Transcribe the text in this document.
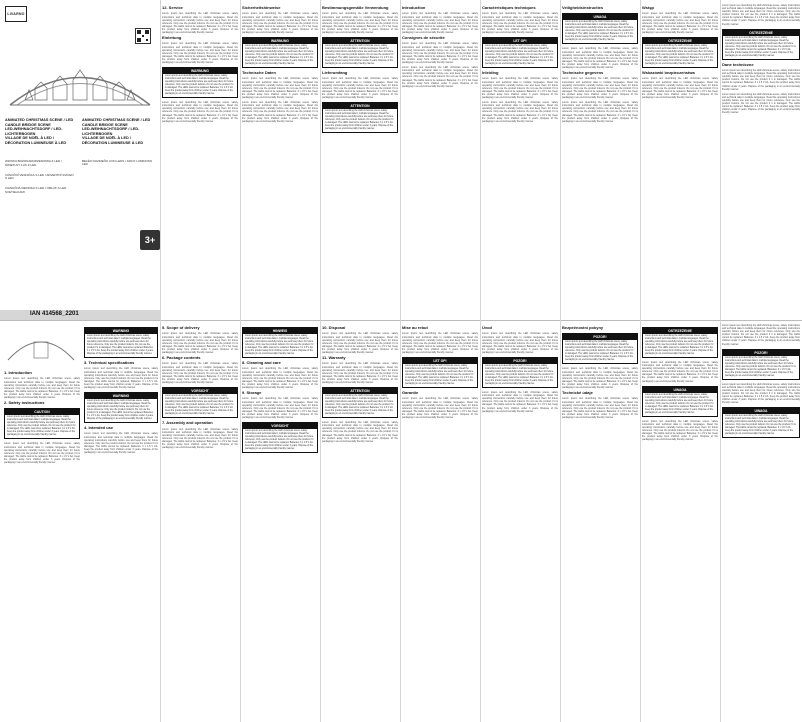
LIVARNO
ANIMATED CHRISTMAS SCENE / LED CANDLE BRIDGE SCENE
LED-WEIHNACHTSDORF / LED-LICHTERBOGEN
VILLAGE DE NOËL À LED / DÉCORATION LUMINEUSE À LED
WIOSKA BOŻONARODZENIOWA Z LED / ŚWIETLNY ŁUK Z LED
VÁNOČNÍ VESNIČKA S LED / ADVENTNÍ SVÍCEN S LED
VIANOČNÁ DEDINKA S LED / OBLÚK S LED SVETIELKAMI
ANIMATED CHRISTMAS SCENE / LED CANDLE BRIDGE SCENE
LED-WEIHNACHTSDORF / LED-LICHTERBOGEN
VILLAGE DE NOËL À LED / DÉCORATION LUMINEUSE À LED
BELÉN NAVIDEÑO CON LEDS / ARCO LUMINOSO LED
3+
IAN 414568_2201
12. Service

Lorem ipsum text describing the LED christmas scene, safety instructions and technical data in multiple languages. Read the operating instructions carefully before use and keep them for future reference. Only use the product indoors. Do not use the product if it is damaged. The LEDs cannot be replaced. Batteries: 3 x 1.5 V AA. Keep the product away from children under 3 years. Dispose of the packaging in an environmentally friendly manner.

Einleitung

Lorem ipsum text describing the LED christmas scene, safety instructions and technical data in multiple languages. Read the operating instructions carefully before use and keep them for future reference. Only use the product indoors. Do not use the product if it is damaged. The LEDs cannot be replaced. Batteries: 3 x 1.5 V AA. Keep the product away from children under 3 years. Dispose of the packaging in an environmentally friendly manner.

WARNUNG
Lorem ipsum text describing the LED christmas scene, safety instructions and technical data in multiple languages. Read the operating instructions carefully before use and keep them for future reference. Only use the product indoors. Do not use the product if it is damaged. The LEDs cannot be replaced. Batteries: 3 x 1.5 V AA. Keep the product away from children under 3 years. Dispose of the packaging in an environmentally friendly manner.

Lorem ipsum text describing the LED christmas scene, safety instructions and technical data in multiple languages. Read the operating instructions carefully before use and keep them for future reference. Only use the product indoors. Do not use the product if it is damaged. The LEDs cannot be replaced. Batteries: 3 x 1.5 V AA. Keep the product away from children under 3 years. Dispose of the packaging in an environmentally friendly manner.

Sicherheitshinweise

Lorem ipsum text describing the LED christmas scene, safety instructions and technical data in multiple languages. Read the operating instructions carefully before use and keep them for future reference. Only use the product indoors. Do not use the product if it is damaged. The LEDs cannot be replaced. Batteries: 3 x 1.5 V AA. Keep the product away from children under 3 years. Dispose of the packaging in an environmentally friendly manner.

WARNUNG
Lorem ipsum text describing the LED christmas scene, safety instructions and technical data in multiple languages. Read the operating instructions carefully before use and keep them for future reference. Only use the product indoors. Do not use the product if it is damaged. The LEDs cannot be replaced. Batteries: 3 x 1.5 V AA. Keep the product away from children under 3 years. Dispose of the packaging in an environmentally friendly manner.
Technische Daten

Lorem ipsum text describing the LED christmas scene, safety instructions and technical data in multiple languages. Read the operating instructions carefully before use and keep them for future reference. Only use the product indoors. Do not use the product if it is damaged. The LEDs cannot be replaced. Batteries: 3 x 1.5 V AA. Keep the product away from children under 3 years. Dispose of the packaging in an environmentally friendly manner.

Lorem ipsum text describing the LED christmas scene, safety instructions and technical data in multiple languages. Read the operating instructions carefully before use and keep them for future reference. Only use the product indoors. Do not use the product if it is damaged. The LEDs cannot be replaced. Batteries: 3 x 1.5 V AA. Keep the product away from children under 3 years. Dispose of the packaging in an environmentally friendly manner.

Bestimmungsgemäße Verwendung

Lorem ipsum text describing the LED christmas scene, safety instructions and technical data in multiple languages. Read the operating instructions carefully before use and keep them for future reference. Only use the product indoors. Do not use the product if it is damaged. The LEDs cannot be replaced. Batteries: 3 x 1.5 V AA. Keep the product away from children under 3 years. Dispose of the packaging in an environmentally friendly manner.

ATTENTION
Lorem ipsum text describing the LED christmas scene, safety instructions and technical data in multiple languages. Read the operating instructions carefully before use and keep them for future reference. Only use the product indoors. Do not use the product if it is damaged. The LEDs cannot be replaced. Batteries: 3 x 1.5 V AA. Keep the product away from children under 3 years. Dispose of the packaging in an environmentally friendly manner.
Lieferumfang

Lorem ipsum text describing the LED christmas scene, safety instructions and technical data in multiple languages. Read the operating instructions carefully before use and keep them for future reference. Only use the product indoors. Do not use the product if it is damaged. The LEDs cannot be replaced. Batteries: 3 x 1.5 V AA. Keep the product away from children under 3 years. Dispose of the packaging in an environmentally friendly manner.

ATTENTION
Lorem ipsum text describing the LED christmas scene, safety instructions and technical data in multiple languages. Read the operating instructions carefully before use and keep them for future reference. Only use the product indoors. Do not use the product if it is damaged. The LEDs cannot be replaced. Batteries: 3 x 1.5 V AA. Keep the product away from children under 3 years. Dispose of the packaging in an environmentally friendly manner.
Introduction

Lorem ipsum text describing the LED christmas scene, safety instructions and technical data in multiple languages. Read the operating instructions carefully before use and keep them for future reference. Only use the product indoors. Do not use the product if it is damaged. The LEDs cannot be replaced. Batteries: 3 x 1.5 V AA. Keep the product away from children under 3 years. Dispose of the packaging in an environmentally friendly manner.

Consignes de sécurité

Lorem ipsum text describing the LED christmas scene, safety instructions and technical data in multiple languages. Read the operating instructions carefully before use and keep them for future reference. Only use the product indoors. Do not use the product if it is damaged. The LEDs cannot be replaced. Batteries: 3 x 1.5 V AA. Keep the product away from children under 3 years. Dispose of the packaging in an environmentally friendly manner.

Lorem ipsum text describing the LED christmas scene, safety instructions and technical data in multiple languages. Read the operating instructions carefully before use and keep them for future reference. Only use the product indoors. Do not use the product if it is damaged. The LEDs cannot be replaced. Batteries: 3 x 1.5 V AA. Keep the product away from children under 3 years. Dispose of the packaging in an environmentally friendly manner.

Caractéristiques techniques

Lorem ipsum text describing the LED christmas scene, safety instructions and technical data in multiple languages. Read the operating instructions carefully before use and keep them for future reference. Only use the product indoors. Do not use the product if it is damaged. The LEDs cannot be replaced. Batteries: 3 x 1.5 V AA. Keep the product away from children under 3 years. Dispose of the packaging in an environmentally friendly manner.

LET OP!
Lorem ipsum text describing the LED christmas scene, safety instructions and technical data in multiple languages. Read the operating instructions carefully before use and keep them for future reference. Only use the product indoors. Do not use the product if it is damaged. The LEDs cannot be replaced. Batteries: 3 x 1.5 V AA. Keep the product away from children under 3 years. Dispose of the packaging in an environmentally friendly manner.
Inleiding

Lorem ipsum text describing the LED christmas scene, safety instructions and technical data in multiple languages. Read the operating instructions carefully before use and keep them for future reference. Only use the product indoors. Do not use the product if it is damaged. The LEDs cannot be replaced. Batteries: 3 x 1.5 V AA. Keep the product away from children under 3 years. Dispose of the packaging in an environmentally friendly manner.

Lorem ipsum text describing the LED christmas scene, safety instructions and technical data in multiple languages. Read the operating instructions carefully before use and keep them for future reference. Only use the product indoors. Do not use the product if it is damaged. The LEDs cannot be replaced. Batteries: 3 x 1.5 V AA. Keep the product away from children under 3 years. Dispose of the packaging in an environmentally friendly manner.

Veiligheidsinstructies
UWAGA
Lorem ipsum text describing the LED christmas scene, safety instructions and technical data in multiple languages. Read the operating instructions carefully before use and keep them for future reference. Only use the product indoors. Do not use the product if it is damaged. The LEDs cannot be replaced. Batteries: 3 x 1.5 V AA. Keep the product away from children under 3 years. Dispose of the packaging in an environmentally friendly manner.

Lorem ipsum text describing the LED christmas scene, safety instructions and technical data in multiple languages. Read the operating instructions carefully before use and keep them for future reference. Only use the product indoors. Do not use the product if it is damaged. The LEDs cannot be replaced. Batteries: 3 x 1.5 V AA. Keep the product away from children under 3 years. Dispose of the packaging in an environmentally friendly manner.

Technische gegevens

Lorem ipsum text describing the LED christmas scene, safety instructions and technical data in multiple languages. Read the operating instructions carefully before use and keep them for future reference. Only use the product indoors. Do not use the product if it is damaged. The LEDs cannot be replaced. Batteries: 3 x 1.5 V AA. Keep the product away from children under 3 years. Dispose of the packaging in an environmentally friendly manner.

Lorem ipsum text describing the LED christmas scene, safety instructions and technical data in multiple languages. Read the operating instructions carefully before use and keep them for future reference. Only use the product indoors. Do not use the product if it is damaged. The LEDs cannot be replaced. Batteries: 3 x 1.5 V AA. Keep the product away from children under 3 years. Dispose of the packaging in an environmentally friendly manner.

Wstęp

Lorem ipsum text describing the LED christmas scene, safety instructions and technical data in multiple languages. Read the operating instructions carefully before use and keep them for future reference. Only use the product indoors. Do not use the product if it is damaged. The LEDs cannot be replaced. Batteries: 3 x 1.5 V AA. Keep the product away from children under 3 years. Dispose of the packaging in an environmentally friendly manner.

OSTRZEŻENIE
Lorem ipsum text describing the LED christmas scene, safety instructions and technical data in multiple languages. Read the operating instructions carefully before use and keep them for future reference. Only use the product indoors. Do not use the product if it is damaged. The LEDs cannot be replaced. Batteries: 3 x 1.5 V AA. Keep the product away from children under 3 years. Dispose of the packaging in an environmentally friendly manner.
Wskazówki bezpieczeństwa

Lorem ipsum text describing the LED christmas scene, safety instructions and technical data in multiple languages. Read the operating instructions carefully before use and keep them for future reference. Only use the product indoors. Do not use the product if it is damaged. The LEDs cannot be replaced. Batteries: 3 x 1.5 V AA. Keep the product away from children under 3 years. Dispose of the packaging in an environmentally friendly manner.

Lorem ipsum text describing the LED christmas scene, safety instructions and technical data in multiple languages. Read the operating instructions carefully before use and keep them for future reference. Only use the product indoors. Do not use the product if it is damaged. The LEDs cannot be replaced. Batteries: 3 x 1.5 V AA. Keep the product away from children under 3 years. Dispose of the packaging in an environmentally friendly manner.

OSTRZEŻENIE
Lorem ipsum text describing the LED christmas scene, safety instructions and technical data in multiple languages. Read the operating instructions carefully before use and keep them for future reference. Only use the product indoors. Do not use the product if it is damaged. The LEDs cannot be replaced. Batteries: 3 x 1.5 V AA. Keep the product away from children under 3 years. Dispose of the packaging in an environmentally friendly manner.
Dane techniczne

Lorem ipsum text describing the LED christmas scene, safety instructions and technical data in multiple languages. Read the operating instructions carefully before use and keep them for future reference. Only use the product indoors. Do not use the product if it is damaged. The LEDs cannot be replaced. Batteries: 3 x 1.5 V AA. Keep the product away from children under 3 years. Dispose of the packaging in an environmentally friendly manner.

Lorem ipsum text describing the LED christmas scene, safety instructions and technical data in multiple languages. Read the operating instructions carefully before use and keep them for future reference. Only use the product indoors. Do not use the product if it is damaged. The LEDs cannot be replaced. Batteries: 3 x 1.5 V AA. Keep the product away from children under 3 years. Dispose of the packaging in an environmentally friendly manner.

1. Introduction

Lorem ipsum text describing the LED christmas scene, safety instructions and technical data in multiple languages. Read the operating instructions carefully before use and keep them for future reference. Only use the product indoors. Do not use the product if it is damaged. The LEDs cannot be replaced. Batteries: 3 x 1.5 V AA. Keep the product away from children under 3 years. Dispose of the packaging in an environmentally friendly manner.

2. Safety instructions
CAUTION
Lorem ipsum text describing the LED christmas scene, safety instructions and technical data in multiple languages. Read the operating instructions carefully before use and keep them for future reference. Only use the product indoors. Do not use the product if it is damaged. The LEDs cannot be replaced. Batteries: 3 x 1.5 V AA. Keep the product away from children under 3 years. Dispose of the packaging in an environmentally friendly manner.

Lorem ipsum text describing the LED christmas scene, safety instructions and technical data in multiple languages. Read the operating instructions carefully before use and keep them for future reference. Only use the product indoors. Do not use the product if it is damaged. The LEDs cannot be replaced. Batteries: 3 x 1.5 V AA. Keep the product away from children under 3 years. Dispose of the packaging in an environmentally friendly manner.

WARNING
Lorem ipsum text describing the LED christmas scene, safety instructions and technical data in multiple languages. Read the operating instructions carefully before use and keep them for future reference. Only use the product indoors. Do not use the product if it is damaged. The LEDs cannot be replaced. Batteries: 3 x 1.5 V AA. Keep the product away from children under 3 years. Dispose of the packaging in an environmentally friendly manner.
3. Technical specifications

Lorem ipsum text describing the LED christmas scene, safety instructions and technical data in multiple languages. Read the operating instructions carefully before use and keep them for future reference. Only use the product indoors. Do not use the product if it is damaged. The LEDs cannot be replaced. Batteries: 3 x 1.5 V AA. Keep the product away from children under 3 years. Dispose of the packaging in an environmentally friendly manner.

WARNING
Lorem ipsum text describing the LED christmas scene, safety instructions and technical data in multiple languages. Read the operating instructions carefully before use and keep them for future reference. Only use the product indoors. Do not use the product if it is damaged. The LEDs cannot be replaced. Batteries: 3 x 1.5 V AA. Keep the product away from children under 3 years. Dispose of the packaging in an environmentally friendly manner.
4. Intended use

Lorem ipsum text describing the LED christmas scene, safety instructions and technical data in multiple languages. Read the operating instructions carefully before use and keep them for future reference. Only use the product indoors. Do not use the product if it is damaged. The LEDs cannot be replaced. Batteries: 3 x 1.5 V AA. Keep the product away from children under 3 years. Dispose of the packaging in an environmentally friendly manner.

5. Scope of delivery

Lorem ipsum text describing the LED christmas scene, safety instructions and technical data in multiple languages. Read the operating instructions carefully before use and keep them for future reference. Only use the product indoors. Do not use the product if it is damaged. The LEDs cannot be replaced. Batteries: 3 x 1.5 V AA. Keep the product away from children under 3 years. Dispose of the packaging in an environmentally friendly manner.

6. Package contents

Lorem ipsum text describing the LED christmas scene, safety instructions and technical data in multiple languages. Read the operating instructions carefully before use and keep them for future reference. Only use the product indoors. Do not use the product if it is damaged. The LEDs cannot be replaced. Batteries: 3 x 1.5 V AA. Keep the product away from children under 3 years. Dispose of the packaging in an environmentally friendly manner.

VORSICHT
Lorem ipsum text describing the LED christmas scene, safety instructions and technical data in multiple languages. Read the operating instructions carefully before use and keep them for future reference. Only use the product indoors. Do not use the product if it is damaged. The LEDs cannot be replaced. Batteries: 3 x 1.5 V AA. Keep the product away from children under 3 years. Dispose of the packaging in an environmentally friendly manner.
7. Assembly and operation

Lorem ipsum text describing the LED christmas scene, safety instructions and technical data in multiple languages. Read the operating instructions carefully before use and keep them for future reference. Only use the product indoors. Do not use the product if it is damaged. The LEDs cannot be replaced. Batteries: 3 x 1.5 V AA. Keep the product away from children under 3 years. Dispose of the packaging in an environmentally friendly manner.

HINWEIS
Lorem ipsum text describing the LED christmas scene, safety instructions and technical data in multiple languages. Read the operating instructions carefully before use and keep them for future reference. Only use the product indoors. Do not use the product if it is damaged. The LEDs cannot be replaced. Batteries: 3 x 1.5 V AA. Keep the product away from children under 3 years. Dispose of the packaging in an environmentally friendly manner.
8. Cleaning and care

Lorem ipsum text describing the LED christmas scene, safety instructions and technical data in multiple languages. Read the operating instructions carefully before use and keep them for future reference. Only use the product indoors. Do not use the product if it is damaged. The LEDs cannot be replaced. Batteries: 3 x 1.5 V AA. Keep the product away from children under 3 years. Dispose of the packaging in an environmentally friendly manner.

9. Storage

Lorem ipsum text describing the LED christmas scene, safety instructions and technical data in multiple languages. Read the operating instructions carefully before use and keep them for future reference. Only use the product indoors. Do not use the product if it is damaged. The LEDs cannot be replaced. Batteries: 3 x 1.5 V AA. Keep the product away from children under 3 years. Dispose of the packaging in an environmentally friendly manner.

VORSICHT
Lorem ipsum text describing the LED christmas scene, safety instructions and technical data in multiple languages. Read the operating instructions carefully before use and keep them for future reference. Only use the product indoors. Do not use the product if it is damaged. The LEDs cannot be replaced. Batteries: 3 x 1.5 V AA. Keep the product away from children under 3 years. Dispose of the packaging in an environmentally friendly manner.
10. Disposal

Lorem ipsum text describing the LED christmas scene, safety instructions and technical data in multiple languages. Read the operating instructions carefully before use and keep them for future reference. Only use the product indoors. Do not use the product if it is damaged. The LEDs cannot be replaced. Batteries: 3 x 1.5 V AA. Keep the product away from children under 3 years. Dispose of the packaging in an environmentally friendly manner.

11. Warranty

Lorem ipsum text describing the LED christmas scene, safety instructions and technical data in multiple languages. Read the operating instructions carefully before use and keep them for future reference. Only use the product indoors. Do not use the product if it is damaged. The LEDs cannot be replaced. Batteries: 3 x 1.5 V AA. Keep the product away from children under 3 years. Dispose of the packaging in an environmentally friendly manner.

ATTENTION
Lorem ipsum text describing the LED christmas scene, safety instructions and technical data in multiple languages. Read the operating instructions carefully before use and keep them for future reference. Only use the product indoors. Do not use the product if it is damaged. The LEDs cannot be replaced. Batteries: 3 x 1.5 V AA. Keep the product away from children under 3 years. Dispose of the packaging in an environmentally friendly manner.

Lorem ipsum text describing the LED christmas scene, safety instructions and technical data in multiple languages. Read the operating instructions carefully before use and keep them for future reference. Only use the product indoors. Do not use the product if it is damaged. The LEDs cannot be replaced. Batteries: 3 x 1.5 V AA. Keep the product away from children under 3 years. Dispose of the packaging in an environmentally friendly manner.

Mise au rebut

Lorem ipsum text describing the LED christmas scene, safety instructions and technical data in multiple languages. Read the operating instructions carefully before use and keep them for future reference. Only use the product indoors. Do not use the product if it is damaged. The LEDs cannot be replaced. Batteries: 3 x 1.5 V AA. Keep the product away from children under 3 years. Dispose of the packaging in an environmentally friendly manner.

LET OP!
Lorem ipsum text describing the LED christmas scene, safety instructions and technical data in multiple languages. Read the operating instructions carefully before use and keep them for future reference. Only use the product indoors. Do not use the product if it is damaged. The LEDs cannot be replaced. Batteries: 3 x 1.5 V AA. Keep the product away from children under 3 years. Dispose of the packaging in an environmentally friendly manner.
Garantie

Lorem ipsum text describing the LED christmas scene, safety instructions and technical data in multiple languages. Read the operating instructions carefully before use and keep them for future reference. Only use the product indoors. Do not use the product if it is damaged. The LEDs cannot be replaced. Batteries: 3 x 1.5 V AA. Keep the product away from children under 3 years. Dispose of the packaging in an environmentally friendly manner.

Úvod

Lorem ipsum text describing the LED christmas scene, safety instructions and technical data in multiple languages. Read the operating instructions carefully before use and keep them for future reference. Only use the product indoors. Do not use the product if it is damaged. The LEDs cannot be replaced. Batteries: 3 x 1.5 V AA. Keep the product away from children under 3 years. Dispose of the packaging in an environmentally friendly manner.

POZOR!
Lorem ipsum text describing the LED christmas scene, safety instructions and technical data in multiple languages. Read the operating instructions carefully before use and keep them for future reference. Only use the product indoors. Do not use the product if it is damaged. The LEDs cannot be replaced. Batteries: 3 x 1.5 V AA. Keep the product away from children under 3 years. Dispose of the packaging in an environmentally friendly manner.

Lorem ipsum text describing the LED christmas scene, safety instructions and technical data in multiple languages. Read the operating instructions carefully before use and keep them for future reference. Only use the product indoors. Do not use the product if it is damaged. The LEDs cannot be replaced. Batteries: 3 x 1.5 V AA. Keep the product away from children under 3 years. Dispose of the packaging in an environmentally friendly manner.

Bezpečnostní pokyny
POZOR!
Lorem ipsum text describing the LED christmas scene, safety instructions and technical data in multiple languages. Read the operating instructions carefully before use and keep them for future reference. Only use the product indoors. Do not use the product if it is damaged. The LEDs cannot be replaced. Batteries: 3 x 1.5 V AA. Keep the product away from children under 3 years. Dispose of the packaging in an environmentally friendly manner.

Lorem ipsum text describing the LED christmas scene, safety instructions and technical data in multiple languages. Read the operating instructions carefully before use and keep them for future reference. Only use the product indoors. Do not use the product if it is damaged. The LEDs cannot be replaced. Batteries: 3 x 1.5 V AA. Keep the product away from children under 3 years. Dispose of the packaging in an environmentally friendly manner.

Technické údaje

Lorem ipsum text describing the LED christmas scene, safety instructions and technical data in multiple languages. Read the operating instructions carefully before use and keep them for future reference. Only use the product indoors. Do not use the product if it is damaged. The LEDs cannot be replaced. Batteries: 3 x 1.5 V AA. Keep the product away from children under 3 years. Dispose of the packaging in an environmentally friendly manner.

OSTRZEŻENIE
Lorem ipsum text describing the LED christmas scene, safety instructions and technical data in multiple languages. Read the operating instructions carefully before use and keep them for future reference. Only use the product indoors. Do not use the product if it is damaged. The LEDs cannot be replaced. Batteries: 3 x 1.5 V AA. Keep the product away from children under 3 years. Dispose of the packaging in an environmentally friendly manner.

Lorem ipsum text describing the LED christmas scene, safety instructions and technical data in multiple languages. Read the operating instructions carefully before use and keep them for future reference. Only use the product indoors. Do not use the product if it is damaged. The LEDs cannot be replaced. Batteries: 3 x 1.5 V AA. Keep the product away from children under 3 years. Dispose of the packaging in an environmentally friendly manner.

UWAGA
Lorem ipsum text describing the LED christmas scene, safety instructions and technical data in multiple languages. Read the operating instructions carefully before use and keep them for future reference. Only use the product indoors. Do not use the product if it is damaged. The LEDs cannot be replaced. Batteries: 3 x 1.5 V AA. Keep the product away from children under 3 years. Dispose of the packaging in an environmentally friendly manner.

Lorem ipsum text describing the LED christmas scene, safety instructions and technical data in multiple languages. Read the operating instructions carefully before use and keep them for future reference. Only use the product indoors. Do not use the product if it is damaged. The LEDs cannot be replaced. Batteries: 3 x 1.5 V AA. Keep the product away from children under 3 years. Dispose of the packaging in an environmentally friendly manner.

Lorem ipsum text describing the LED christmas scene, safety instructions and technical data in multiple languages. Read the operating instructions carefully before use and keep them for future reference. Only use the product indoors. Do not use the product if it is damaged. The LEDs cannot be replaced. Batteries: 3 x 1.5 V AA. Keep the product away from children under 3 years. Dispose of the packaging in an environmentally friendly manner.

POZOR!
Lorem ipsum text describing the LED christmas scene, safety instructions and technical data in multiple languages. Read the operating instructions carefully before use and keep them for future reference. Only use the product indoors. Do not use the product if it is damaged. The LEDs cannot be replaced. Batteries: 3 x 1.5 V AA. Keep the product away from children under 3 years. Dispose of the packaging in an environmentally friendly manner.

Lorem ipsum text describing the LED christmas scene, safety instructions and technical data in multiple languages. Read the operating instructions carefully before use and keep them for future reference. Only use the product indoors. Do not use the product if it is damaged. The LEDs cannot be replaced. Batteries: 3 x 1.5 V AA. Keep the product away from children under 3 years. Dispose of the packaging in an environmentally friendly manner.

UWAGA
Lorem ipsum text describing the LED christmas scene, safety instructions and technical data in multiple languages. Read the operating instructions carefully before use and keep them for future reference. Only use the product indoors. Do not use the product if it is damaged. The LEDs cannot be replaced. Batteries: 3 x 1.5 V AA. Keep the product away from children under 3 years. Dispose of the packaging in an environmentally friendly manner.
